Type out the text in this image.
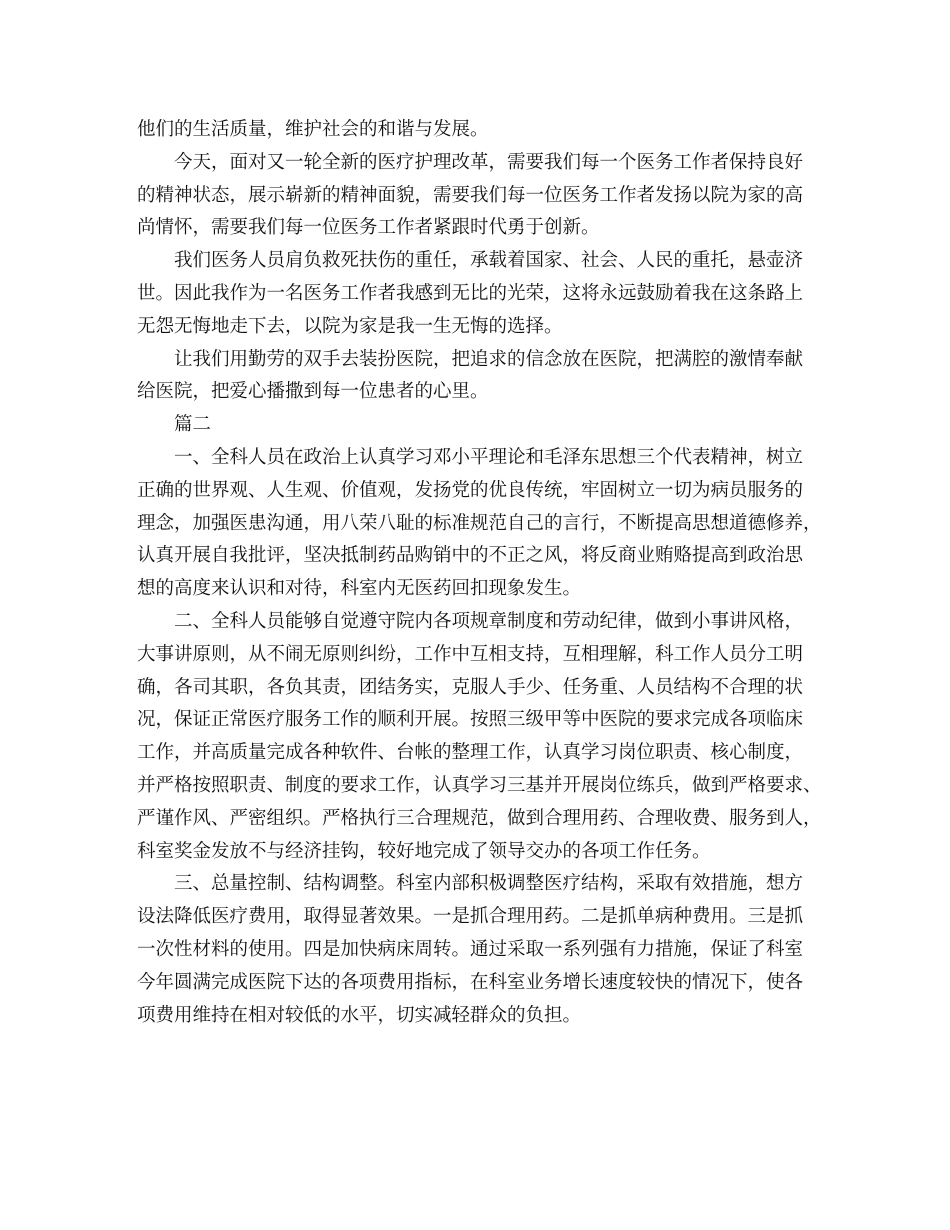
他们的生活质量，维护社会的和谐与发展。
今天，面对又一轮全新的医疗护理改革，需要我们每一个医务工作者保持良好
的精神状态，展示崭新的精神面貌，需要我们每一位医务工作者发扬以院为家的高
尚情怀，需要我们每一位医务工作者紧跟时代勇于创新。
我们医务人员肩负救死扶伤的重任，承载着国家、社会、人民的重托，悬壶济
世。因此我作为一名医务工作者我感到无比的光荣，这将永远鼓励着我在这条路上
无怨无悔地走下去，以院为家是我一生无悔的选择。
让我们用勤劳的双手去装扮医院，把追求的信念放在医院，把满腔的激情奉献
给医院，把爱心播撒到每一位患者的心里。
篇二
一、全科人员在政治上认真学习邓小平理论和毛泽东思想三个代表精神，树立
正确的世界观、人生观、价值观，发扬党的优良传统，牢固树立一切为病员服务的
理念，加强医患沟通，用八荣八耻的标准规范自己的言行，不断提高思想道德修养，
认真开展自我批评，坚决抵制药品购销中的不正之风，将反商业贿赂提高到政治思
想的高度来认识和对待，科室内无医药回扣现象发生。
二、全科人员能够自觉遵守院内各项规章制度和劳动纪律，做到小事讲风格，
大事讲原则，从不闹无原则纠纷，工作中互相支持，互相理解，科工作人员分工明
确，各司其职，各负其责，团结务实，克服人手少、任务重、人员结构不合理的状
况，保证正常医疗服务工作的顺利开展。按照三级甲等中医院的要求完成各项临床
工作，并高质量完成各种软件、台帐的整理工作，认真学习岗位职责、核心制度，
并严格按照职责、制度的要求工作，认真学习三基并开展岗位练兵，做到严格要求、
严谨作风、严密组织。严格执行三合理规范，做到合理用药、合理收费、服务到人，
科室奖金发放不与经济挂钩，较好地完成了领导交办的各项工作任务。
三、总量控制、结构调整。科室内部积极调整医疗结构，采取有效措施，想方
设法降低医疗费用，取得显著效果。一是抓合理用药。二是抓单病种费用。三是抓
一次性材料的使用。四是加快病床周转。通过采取一系列强有力措施，保证了科室
今年圆满完成医院下达的各项费用指标，在科室业务增长速度较快的情况下，使各
项费用维持在相对较低的水平，切实减轻群众的负担。
